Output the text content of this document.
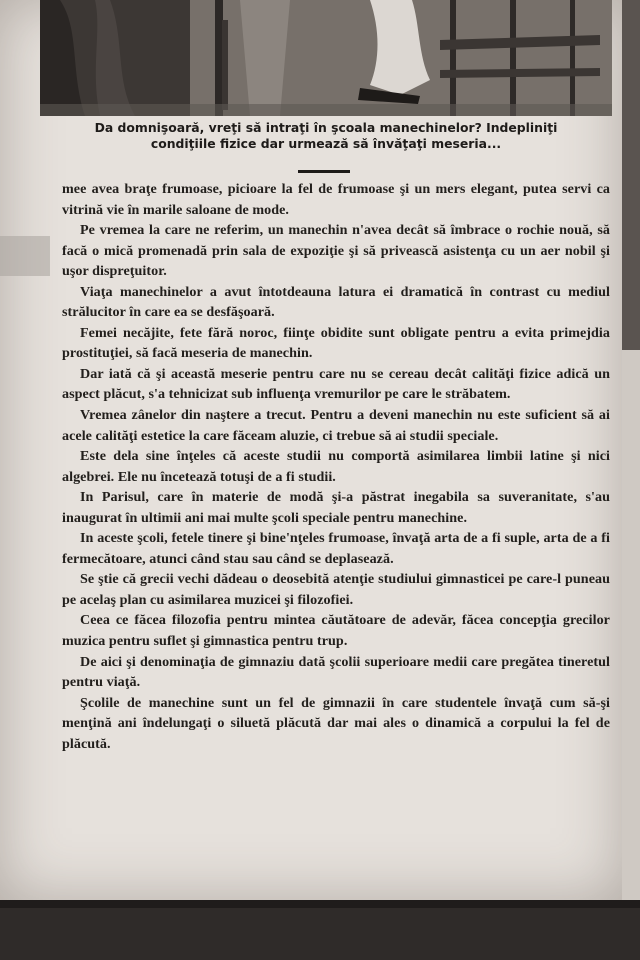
Da domnişoară, vreţi să intraţi în şcoala manechinelor? Indepliniţi
condiţiile fizice dar urmează să învăţaţi meseria...

mee avea braţe frumoase, picioare la fel de frumoase şi un mers elegant, putea servi ca vitrină vie în marile saloane de mode.

Pe vremea la care ne referim, un manechin n'avea decât să îmbrace o rochie nouă, să facă o mică promenadă prin sala de expoziţie şi să privească asistenţa cu un aer nobil şi uşor dispreţuitor.

Viaţa manechinelor a avut întotdeauna latura ei dramatică în contrast cu mediul strălucitor în care ea se desfăşoară.

Femei necăjite, fete fără noroc, fiinţe obidite sunt obligate pentru a evita primejdia prostituţiei, să facă meseria de manechin.

Dar iată că şi această meserie pentru care nu se cereau decât calităţi fizice adică un aspect plăcut, s'a tehnicizat sub influenţa vremurilor pe care le străbatem.

Vremea zânelor din naştere a trecut. Pentru a deveni manechin nu este suficient să ai acele calităţi estetice la care făceam aluzie, ci trebue să ai studii speciale.

Este dela sine înţeles că aceste studii nu comportă asimilarea limbii latine şi nici algebrei. Ele nu încetează totuşi de a fi studii.

In Parisul, care în materie de modă şi-a păstrat inegabila sa suveranitate, s'au inaugurat în ultimii ani mai multe şcoli speciale pentru manechine.

In aceste şcoli, fetele tinere şi bine'nţeles frumoase, învaţă arta de a fi suple, arta de a fi fermecătoare, atunci când stau sau când se deplasează.

Se ştie că grecii vechi dădeau o deosebită atenţie studiului gimnasticei pe care-l puneau pe acelaş plan cu asimilarea muzicei şi filozofiei.

Ceea ce făcea filozofia pentru mintea căutătoare de adevăr, făcea concepţia grecilor muzica pentru suflet şi gimnastica pentru trup.

De aici şi denominaţia de gimnaziu dată şcolii superioare medii care pregătea tineretul pentru viaţă.

Şcolile de manechine sunt un fel de gimnazii în care studentele învaţă cum să-şi menţină ani îndelungaţi o siluetă plăcută dar mai ales o dinamică a corpului la fel de plăcută.
